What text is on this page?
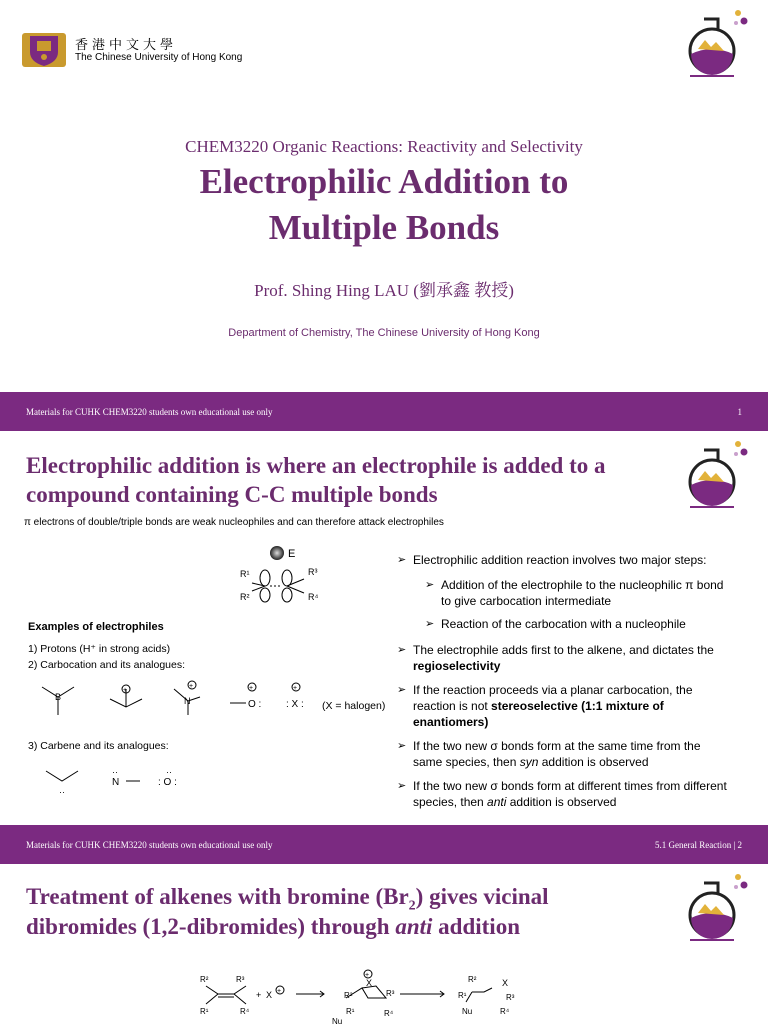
香港中文大學
The Chinese University of Hong Kong
CHEM3220 Organic Reactions: Reactivity and Selectivity
Electrophilic Addition to
Multiple Bonds
Prof. Shing Hing LAU (劉承鑫 教授)
Department of Chemistry, The Chinese University of Hong Kong
Materials for CUHK CHEM3220 students own educational use only	1
Electrophilic addition is where an electrophile is added to a
compound containing C-C multiple bonds
π electrons of double/triple bonds are weak nucleophiles and can therefore attack electrophiles
E
R¹	R³
R²	R⁴
Examples of electrophiles
1) Protons (H⁺ in strong acids)
2) Carbocation and its analogues:
B
+
N
+
O :
+
: X :
+
(X = halogen)
3) Carbene and its analogues:
··
N
··
: O :
··
➢ Electrophilic addition reaction involves two major steps:
➢ Addition of the electrophile to the nucleophilic π bond
to give carbocation intermediate
➢ Reaction of the carbocation with a nucleophile
➢ The electrophile adds first to the alkene, and dictates the
regioselectivity
➢ If the reaction proceeds via a planar carbocation, the
reaction is not stereoselective (1:1 mixture of
enantiomers)
➢ If the two new σ bonds form at the same time from the
same species, then syn addition is observed
➢ If the two new σ bonds form at different times from different
species, then anti addition is observed
Materials for CUHK CHEM3220 students own educational use only	5.1 General Reaction | 2
Treatment of alkenes with bromine $(Br_2)$ gives vicinal
dibromides (1,2-dibromides) through anti addition
R²	R³
R¹	R⁴
+ X +	R²
X
+
R³
R¹	R⁴
Nu
R²	X
R¹	R³
Nu	R⁴
